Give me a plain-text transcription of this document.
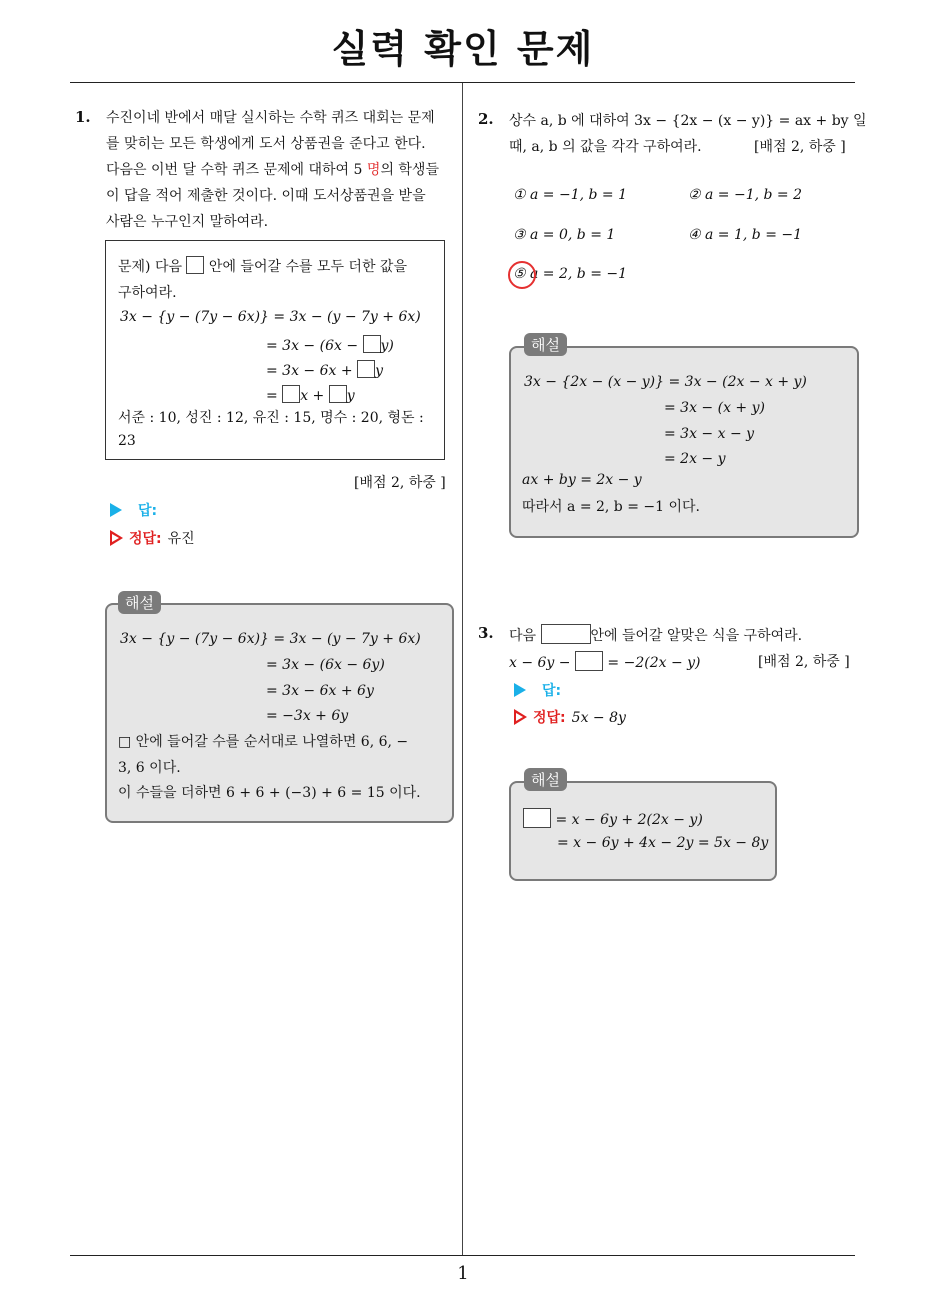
실력 확인 문제
1
1. 수진이네 반에서 매달 실시하는 수학 퀴즈 대회는 문제
를 맞히는 모든 학생에게 도서 상품권을 준다고 한다.
다음은 이번 달 수학 퀴즈 문제에 대하여 5 명의 학생들
이 답을 적어 제출한 것이다. 이때 도서상품권을 받을
사람은 누구인지 말하여라.
문제) 다음  안에 들어갈 수를 모두 더한 값을
구하여라.
3x − {y − (7y − 6x)} = 3x − (y − 7y + 6x)
= 3x − (6x − y)
= 3x − 6x + y
= x + y
서준 : 10, 성진 : 12, 유진 : 15, 명수 : 20, 형돈 :
23
[배점 2, 하중 ]
답:
정답: 유진
해설
3x − {y − (7y − 6x)} = 3x − (y − 7y + 6x)
= 3x − (6x − 6y)
= 3x − 6x + 6y
= −3x + 6y
□ 안에 들어갈 수를 순서대로 나열하면 6, 6, −
3, 6 이다.
이 수들을 더하면 6 + 6 + (−3) + 6 = 15 이다.
2. 상수 a, b 에 대하여 3x − {2x − (x − y)} = ax + by 일
때, a, b 의 값을 각각 구하여라.	[배점 2, 하중 ]
① a = −1, b = 1	② a = −1, b = 2
③ a = 0, b = 1	④ a = 1, b = −1
⑤ a = 2, b = −1
해설
3x − {2x − (x − y)} = 3x − (2x − x + y)
= 3x − (x + y)
= 3x − x − y
= 2x − y
ax + by = 2x − y
따라서 a = 2, b = −1 이다.
3. 다음	안에 들어갈 알맞은 식을 구하여라.
x − 6y −  = −2(2x − y)	[배점 2, 하중 ]
답:
정답: 5x − 8y
해설
= x − 6y + 2(2x − y)
= x − 6y + 4x − 2y = 5x − 8y
